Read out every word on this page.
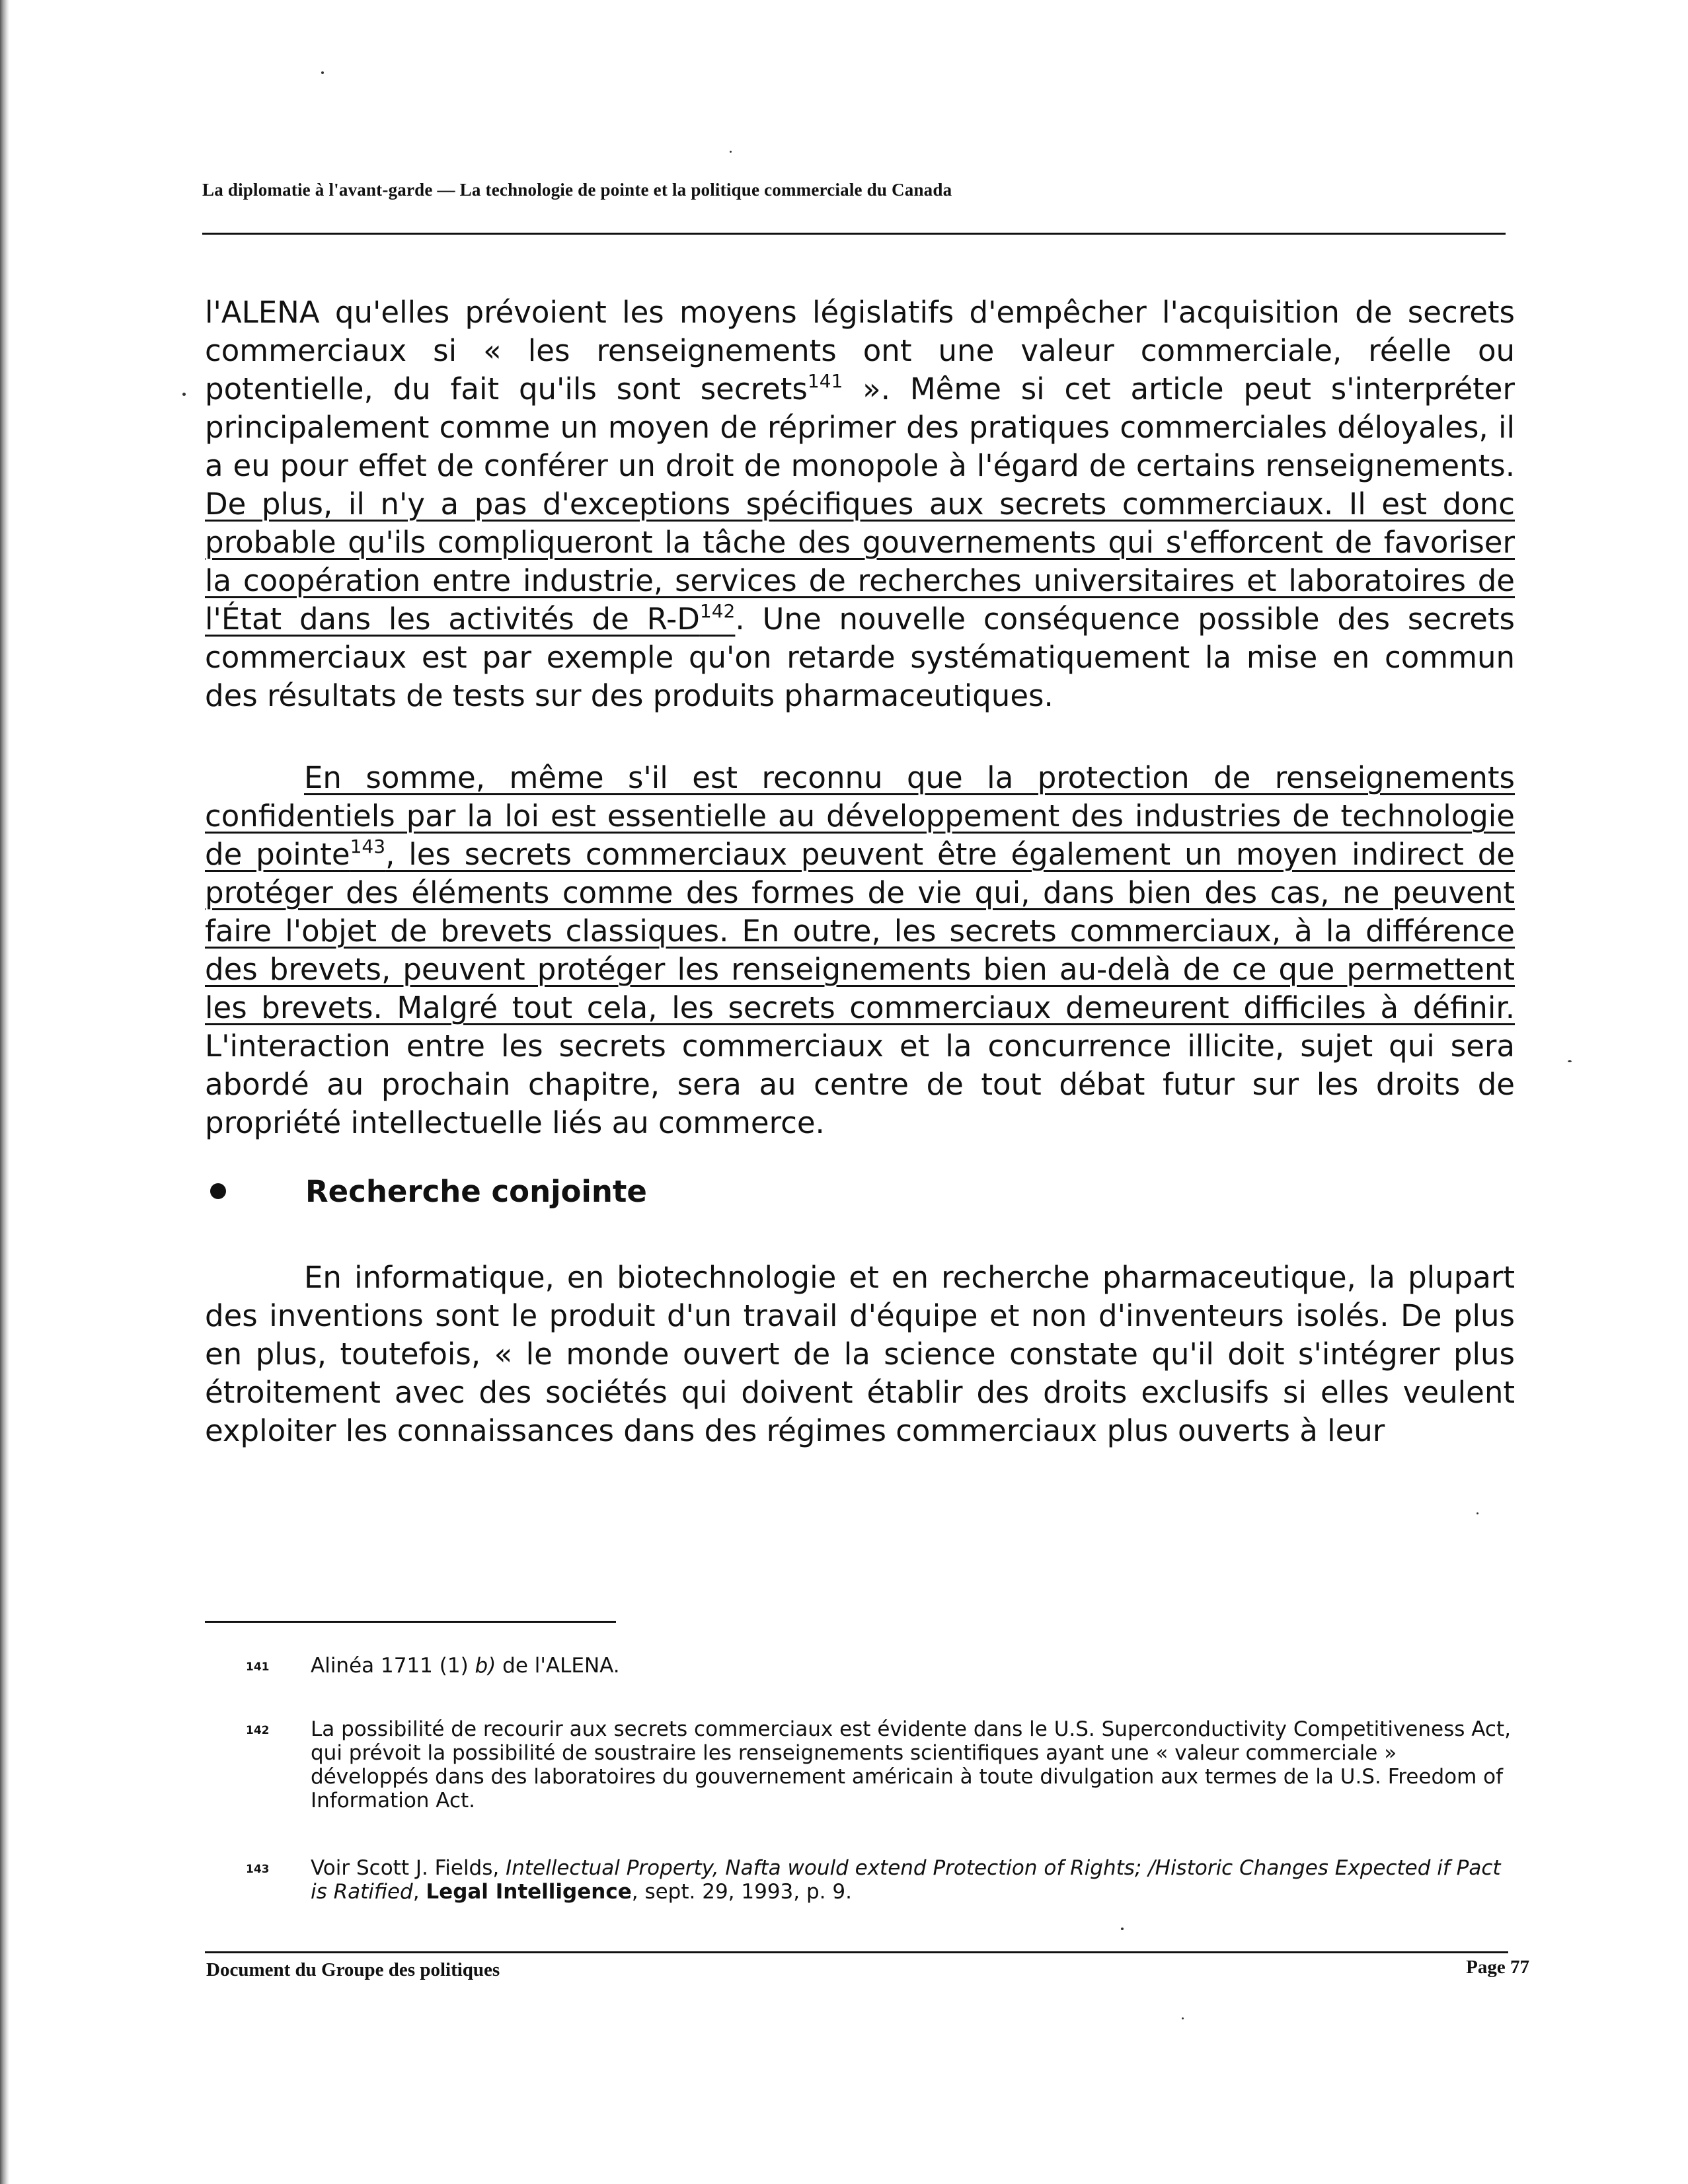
La diplomatie à l'avant-garde — La technologie de pointe et la politique commerciale du Canada

l'ALENA qu'elles prévoient les moyens législatifs d'empêcher l'acquisition de secrets commerciaux si « les renseignements ont une valeur commerciale, réelle ou potentielle, du fait qu'ils sont secrets$^{141}$ ». Même si cet article peut s'interpréter principalement comme un moyen de réprimer des pratiques commerciales déloyales, il a eu pour effet de conférer un droit de monopole à l'égard de certains renseignements. De plus, il n'y a pas d'exceptions spécifiques aux secrets commerciaux. Il est donc probable qu'ils compliqueront la tâche des gouvernements qui s'efforcent de favoriser la coopération entre industrie, services de recherches universitaires et laboratoires de l'État dans les activités de $R-D^{142}$. Une nouvelle conséquence possible des secrets commerciaux est par exemple qu'on retarde systématiquement la mise en commun des résultats de tests sur des produits pharmaceutiques.

En somme, même s'il est reconnu que la protection de renseignements confidentiels par la loi est essentielle au développement des industries de technologie de pointe$^{143}$, les secrets commerciaux peuvent être également un moyen indirect de protéger des éléments comme des formes de vie qui, dans bien des cas, ne peuvent faire l'objet de brevets classiques. En outre, les secrets commerciaux, à la différence des brevets, peuvent protéger les renseignements bien au-delà de ce que permettent les brevets. Malgré tout cela, les secrets commerciaux demeurent difficiles à définir. L'interaction entre les secrets commerciaux et la concurrence illicite, sujet qui sera abordé au prochain chapitre, sera au centre de tout débat futur sur les droits de propriété intellectuelle liés au commerce.

Recherche conjointe

En informatique, en biotechnologie et en recherche pharmaceutique, la plupart des inventions sont le produit d'un travail d'équipe et non d'inventeurs isolés. De plus en plus, toutefois, « le monde ouvert de la science constate qu'il doit s'intégrer plus étroitement avec des sociétés qui doivent établir des droits exclusifs si elles veulent exploiter les connaissances dans des régimes commerciaux plus ouverts à leur

141 Alinéa 1711 (1) b) de l'ALENA.
142 La possibilité de recourir aux secrets commerciaux est évidente dans le U.S. Superconductivity Competitiveness Act, qui prévoit la possibilité de soustraire les renseignements scientifiques ayant une « valeur commerciale » développés dans des laboratoires du gouvernement américain à toute divulgation aux termes de la U.S. Freedom of Information Act.
143 Voir Scott J. Fields, Intellectual Property, Nafta would extend Protection of Rights; /Historic Changes Expected if Pact is Ratified, Legal Intelligence, sept. 29, 1993, p. 9.
Document du Groupe des politiques	Page 77
